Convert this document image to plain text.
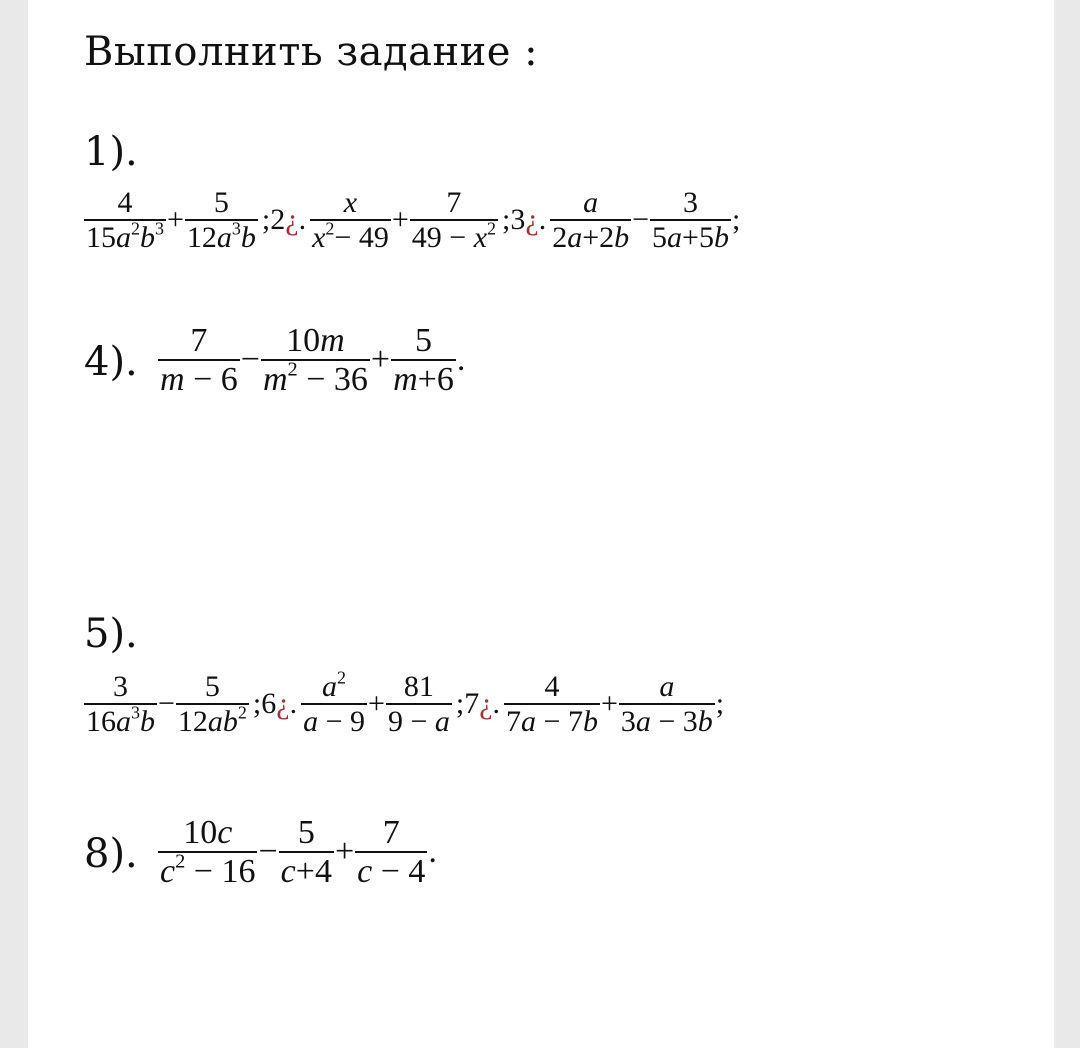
Выполнить задание :
1).
$\frac{4}{15a^2b^3} + \frac{5}{12a^3b}$ ;2¿. $\frac{x}{x^2- 49} + \frac{7}{49 - x^2}$ ;3¿. $\frac{a}{2a+2b} - \frac{3}{5a+5b}$ ;
4). $\frac{7}{m - 6} - \frac{10m}{m^2 - 36} + \frac{5}{m+6}$ .
5).
$\frac{3}{16a^3b} - \frac{5}{12ab^2}$ ;6¿. $\frac{a^2}{a - 9} + \frac{81}{9 - a}$ ;7¿. $\frac{4}{7a - 7b} + \frac{a}{3a - 3b}$ ;
8). $\frac{10c}{c^2 - 16} - \frac{5}{c+4} + \frac{7}{c - 4}$ .
